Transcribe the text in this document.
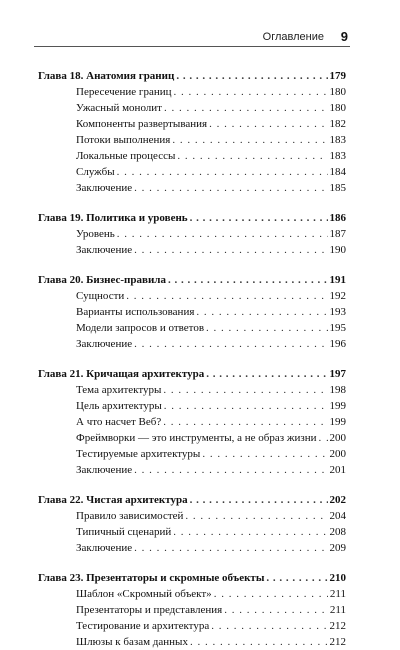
Оглавление 9
Глава 18. Анатомия границ . . .	179
Пересечение границ . . .	180
Ужасный монолит . . .	180
Компоненты развертывания . . .	182
Потоки выполнения . . .	183
Локальные процессы . . .	183
Службы . . .	184
Заключение . . .	185
Глава 19. Политика и уровень . . .	186
Уровень . . .	187
Заключение . . .	190
Глава 20. Бизнес-правила . . .	191
Сущности . . .	192
Варианты использования . . .	193
Модели запросов и ответов . . .	195
Заключение . . .	196
Глава 21. Кричащая архитектура . . .	197
Тема архитектуры . . .	198
Цель архитектуры . . .	199
А что насчет Веб? . . .	199
Фреймворки — это инструменты, а не образ жизни . . . 200
Тестируемые архитектуры . . .	200
Заключение . . .	201
Глава 22. Чистая архитектура . . .	202
Правило зависимостей . . .	204
Типичный сценарий . . .	208
Заключение . . .	209
Глава 23. Презентаторы и скромные объекты . . .	210
Шаблон «Скромный объект» . . .	211
Презентаторы и представления . . .	211
Тестирование и архитектура . . .	212
Шлюзы к базам данных . . .	212
